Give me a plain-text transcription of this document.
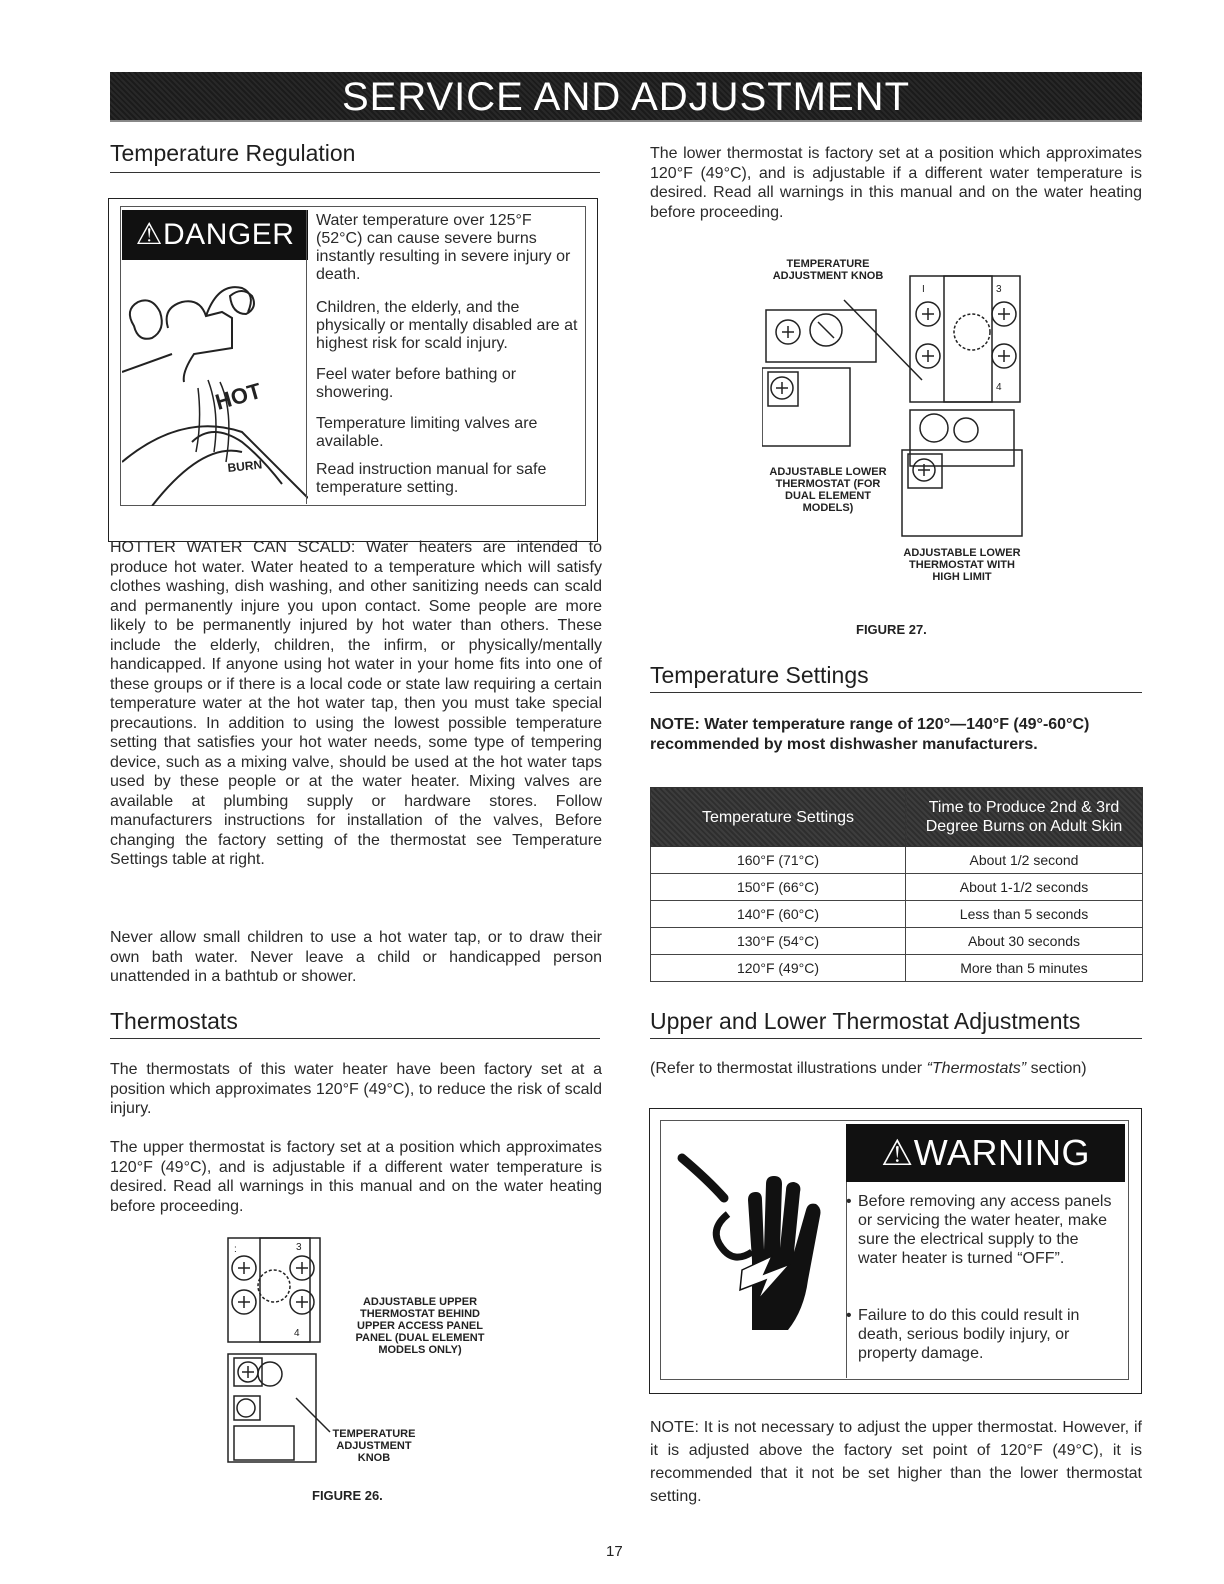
SERVICE AND ADJUSTMENT
Temperature Regulation
⚠DANGER
HOT
BURN
Water temperature over 125°F (52°C) can cause severe burns instantly resulting in severe injury or death.
Children, the elderly, and the physically or mentally disabled are at highest risk for scald injury.
Feel water before bathing or showering.
Temperature limiting valves are available.
Read instruction manual for safe temperature setting.
HOTTER WATER CAN SCALD: Water heaters are intended to produce hot water. Water heated to a temperature which will satisfy clothes washing, dish washing, and other sanitizing needs can scald and permanently injure you upon contact. Some people are more likely to be permanently injured by hot water than others. These include the elderly, children, the infirm, or physically/mentally handicapped. If anyone using hot water in your home fits into one of these groups or if there is a local code or state law requiring a certain temperature water at the hot water tap, then you must take special precautions. In addition to using the lowest possible temperature setting that satisfies your hot water needs, some type of tempering device, such as a mixing valve, should be used at the hot water taps used by these people or at the water heater. Mixing valves are available at plumbing supply or hardware stores. Follow manufacturers instructions for installation of the valves, Before changing the factory setting of the thermostat see Temperature Settings table at right.
Never allow small children to use a hot water tap, or to draw their own bath water. Never leave a child or handicapped person unattended in a bathtub or shower.
Thermostats
The thermostats of this water heater have been factory set at a position which approximates 120°F (49°C), to reduce the risk of scald injury.
The upper thermostat is factory set at a position which approximates 120°F (49°C), and is adjustable if a different water temperature is desired. Read all warnings in this manual and on the water heating before proceeding.
:	3
4
ADJUSTABLE UPPER THERMOSTAT BEHIND UPPER ACCESS PANEL PANEL (DUAL ELEMENT MODELS ONLY)
TEMPERATURE ADJUSTMENT KNOB
FIGURE 26.
The lower thermostat is factory set at a position which approximates 120°F (49°C), and is adjustable if a different water temperature is desired. Read all warnings in this manual and on the water heating before proceeding.
TEMPERATURE ADJUSTMENT KNOB
I	3
4
ADJUSTABLE LOWER THERMOSTAT (FOR DUAL ELEMENT MODELS)
ADJUSTABLE LOWER THERMOSTAT WITH HIGH LIMIT
FIGURE 27.
Temperature Settings
NOTE: Water temperature range of 120°—140°F (49°-60°C) recommended by most dishwasher manufacturers.
Temperature Settings	Time to Produce 2nd & 3rd Degree Burns on Adult Skin
160°F (71°C)	About 1/2 second
150°F (66°C)	About 1-1/2 seconds
140°F (60°C)	Less than 5 seconds
130°F (54°C)	About 30 seconds
120°F (49°C)	More than 5 minutes
Upper and Lower Thermostat Adjustments
(Refer to thermostat illustrations under “Thermostats” section)
⚠WARNING
• Before removing any access panels or servicing the water heater, make sure the electrical supply to the water heater is turned “OFF”.
• Failure to do this could result in death, serious bodily injury, or property damage.
NOTE: It is not necessary to adjust the upper thermostat. However, if it is adjusted above the factory set point of 120°F (49°C), it is recommended that it not be set higher than the lower thermostat setting.
17
